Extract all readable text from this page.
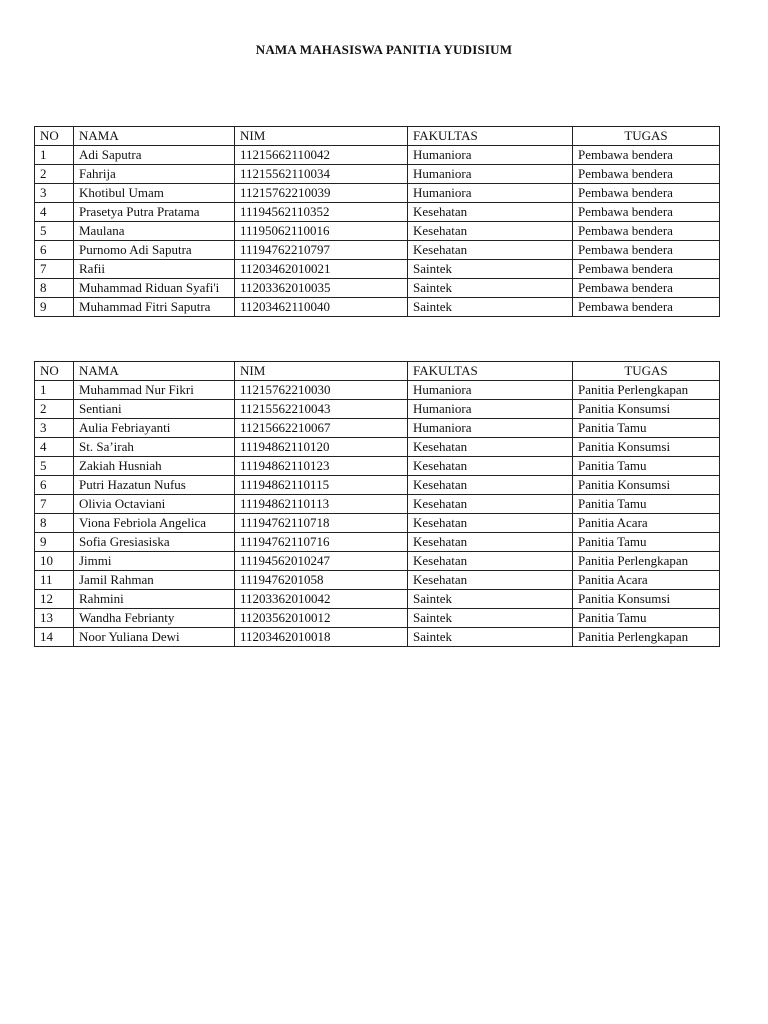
NAMA MAHASISWA PANITIA YUDISIUM
NO	NAMA	NIM	FAKULTAS	TUGAS
1	Adi Saputra	11215662110042	Humaniora	Pembawa bendera
2	Fahrija	11215562110034	Humaniora	Pembawa bendera
3	Khotibul Umam	11215762210039	Humaniora	Pembawa bendera
4	Prasetya Putra Pratama	11194562110352	Kesehatan	Pembawa bendera
5	Maulana	11195062110016	Kesehatan	Pembawa bendera
6	Purnomo Adi Saputra	11194762210797	Kesehatan	Pembawa bendera
7	Rafii	11203462010021	Saintek	Pembawa bendera
8	Muhammad Riduan Syafi'i	11203362010035	Saintek	Pembawa bendera
9	Muhammad Fitri Saputra	11203462110040	Saintek	Pembawa bendera
NO	NAMA	NIM	FAKULTAS	TUGAS
1	Muhammad Nur Fikri	11215762210030	Humaniora	Panitia Perlengkapan
2	Sentiani	11215562210043	Humaniora	Panitia Konsumsi
3	Aulia Febriayanti	11215662210067	Humaniora	Panitia Tamu
4	St. Sa’irah	11194862110120	Kesehatan	Panitia Konsumsi
5	Zakiah Husniah	11194862110123	Kesehatan	Panitia Tamu
6	Putri Hazatun Nufus	11194862110115	Kesehatan	Panitia Konsumsi
7	Olivia Octaviani	11194862110113	Kesehatan	Panitia Tamu
8	Viona Febriola Angelica	11194762110718	Kesehatan	Panitia Acara
9	Sofia Gresiasiska	11194762110716	Kesehatan	Panitia Tamu
10	Jimmi	11194562010247	Kesehatan	Panitia Perlengkapan
11	Jamil Rahman	1119476201058	Kesehatan	Panitia Acara
12	Rahmini	11203362010042	Saintek	Panitia Konsumsi
13	Wandha Febrianty	11203562010012	Saintek	Panitia Tamu
14	Noor Yuliana Dewi	11203462010018	Saintek	Panitia Perlengkapan
